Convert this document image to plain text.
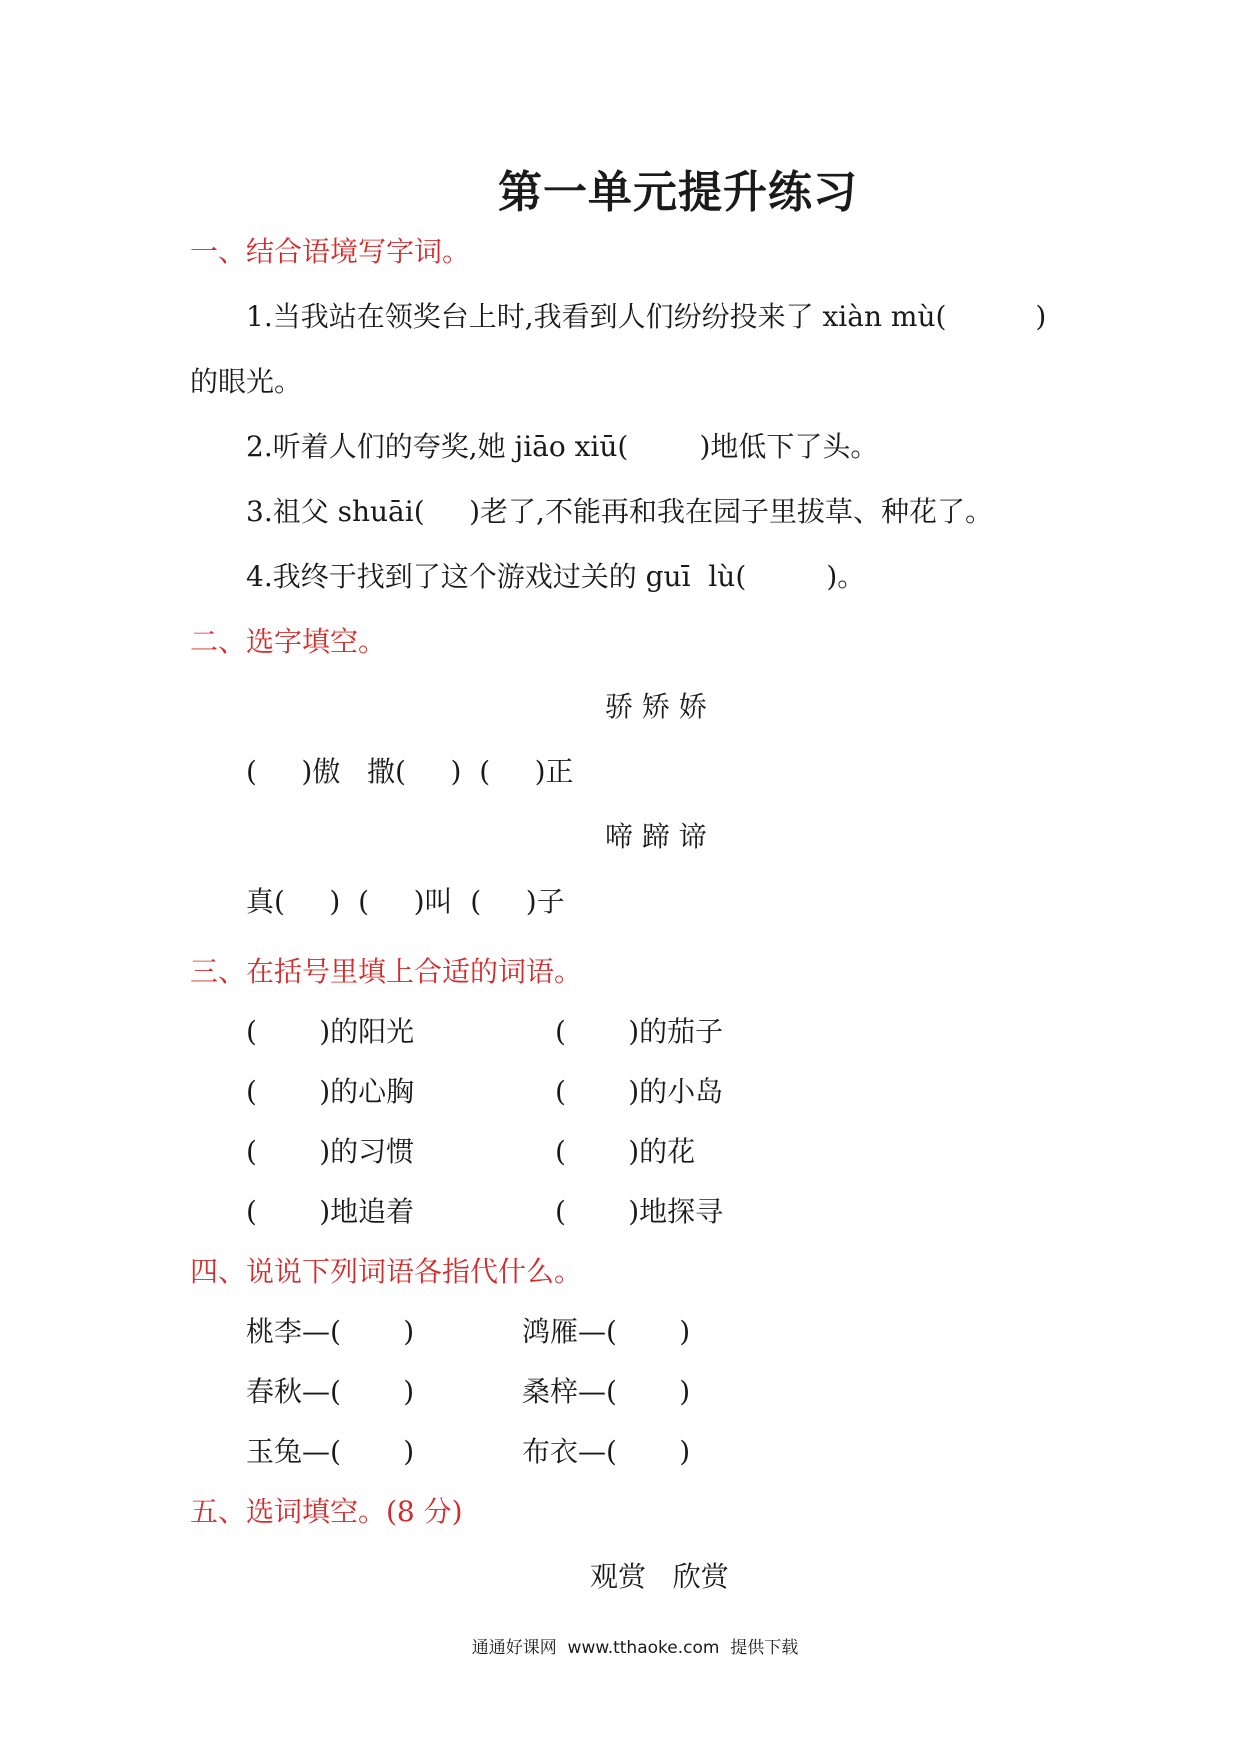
第一单元提升练习
一、结合语境写字词。
1.当我站在领奖台上时,我看到人们纷纷投来了 xiàn mù(          )
的眼光。
2.听着人们的夸奖,她 jiāo xiū(        )地低下了头。
3.祖父 shuāi(     )老了,不能再和我在园子里拔草、种花了。
4.我终于找到了这个游戏过关的 guī  lù(         )。
二、选字填空。
骄 矫 娇
(     )傲   撒(     )  (     )正
啼 蹄 谛
真(     )  (     )叫  (     )子
三、在括号里填上合适的词语。
(       )的阳光	(       )的茄子
(       )的心胸	(       )的小岛
(       )的习惯	(       )的花
(       )地追着	(       )地探寻
四、说说下列词语各指代什么。
桃李—(       )	鸿雁—(       )
春秋—(       )	桑梓—(       )
玉兔—(       )	布衣—(       )
五、选词填空。(8 分)
观赏   欣赏
通通好课网  www.tthaoke.com  提供下载
